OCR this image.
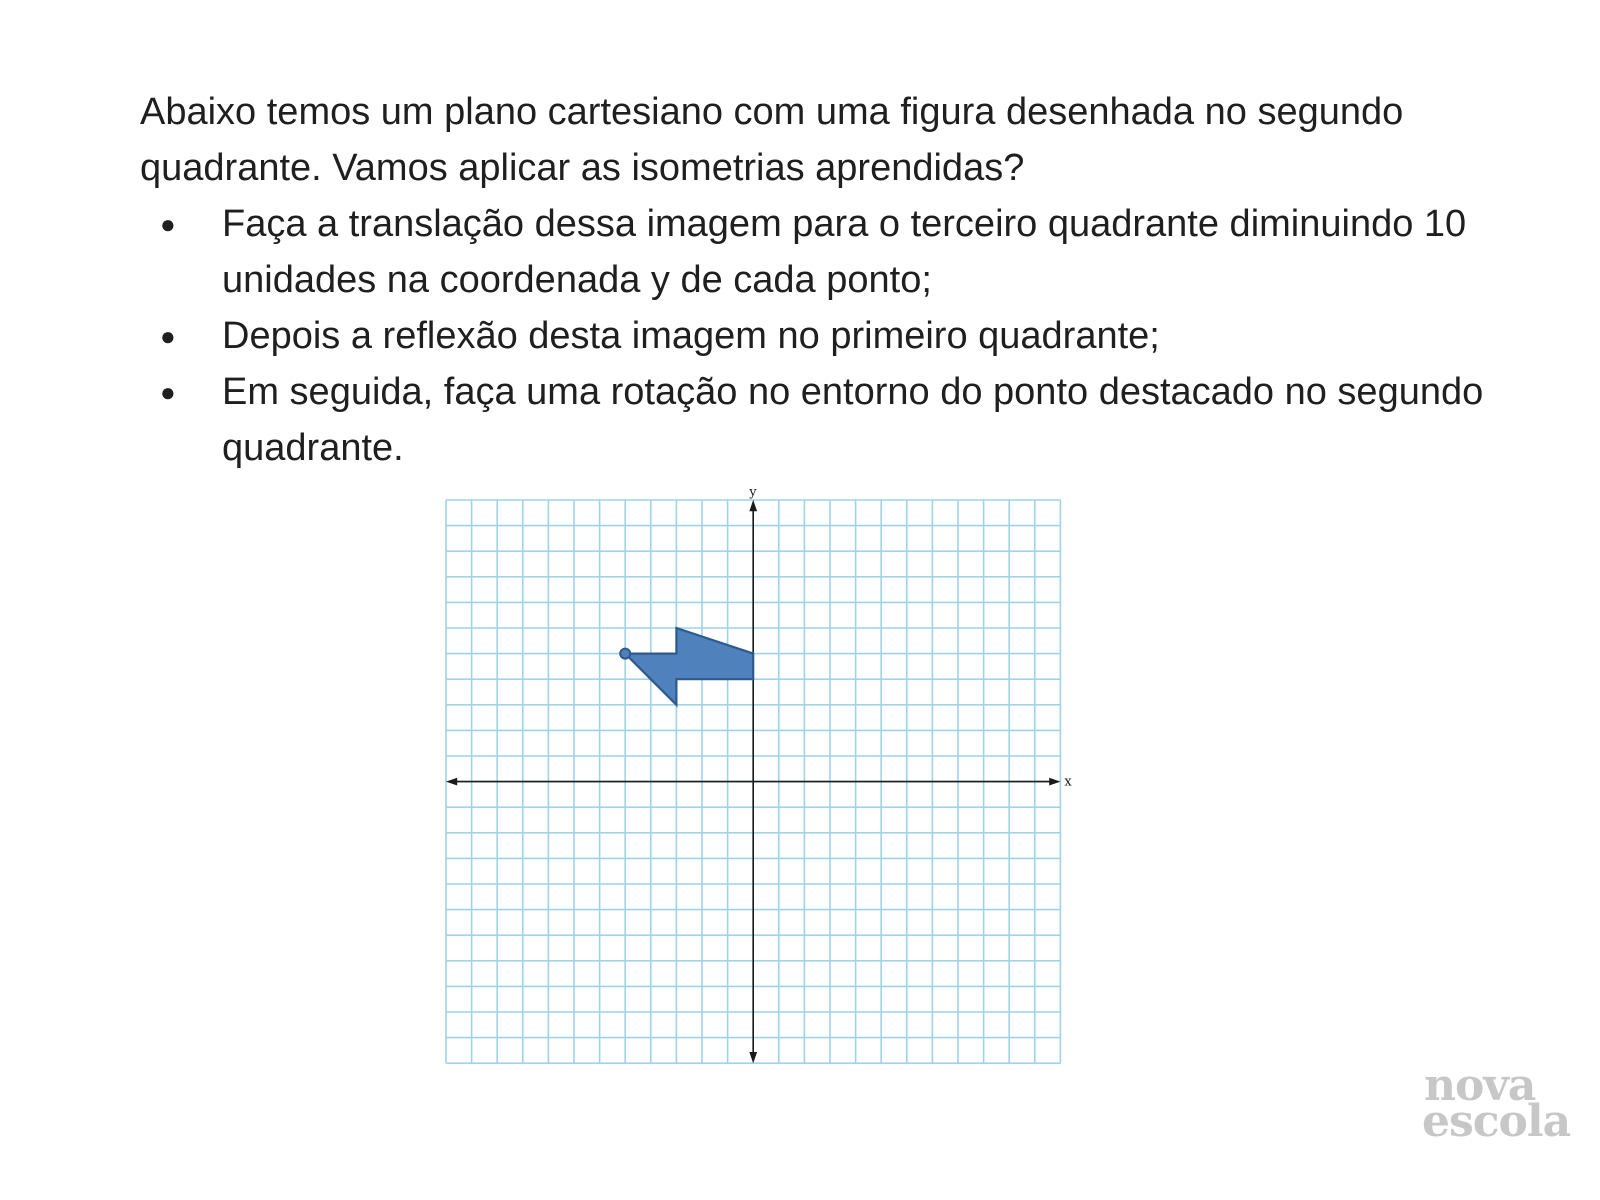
Abaixo temos um plano cartesiano com uma figura desenhada no segundo quadrante. Vamos aplicar as isometrias aprendidas?

● Faça a translação dessa imagem para o terceiro quadrante diminuindo 10 unidades na coordenada y de cada ponto;
● Depois a reflexão desta imagem no primeiro quadrante;
● Em seguida, faça uma rotação no entorno do ponto destacado no segundo quadrante.
x
y
nova
escola
